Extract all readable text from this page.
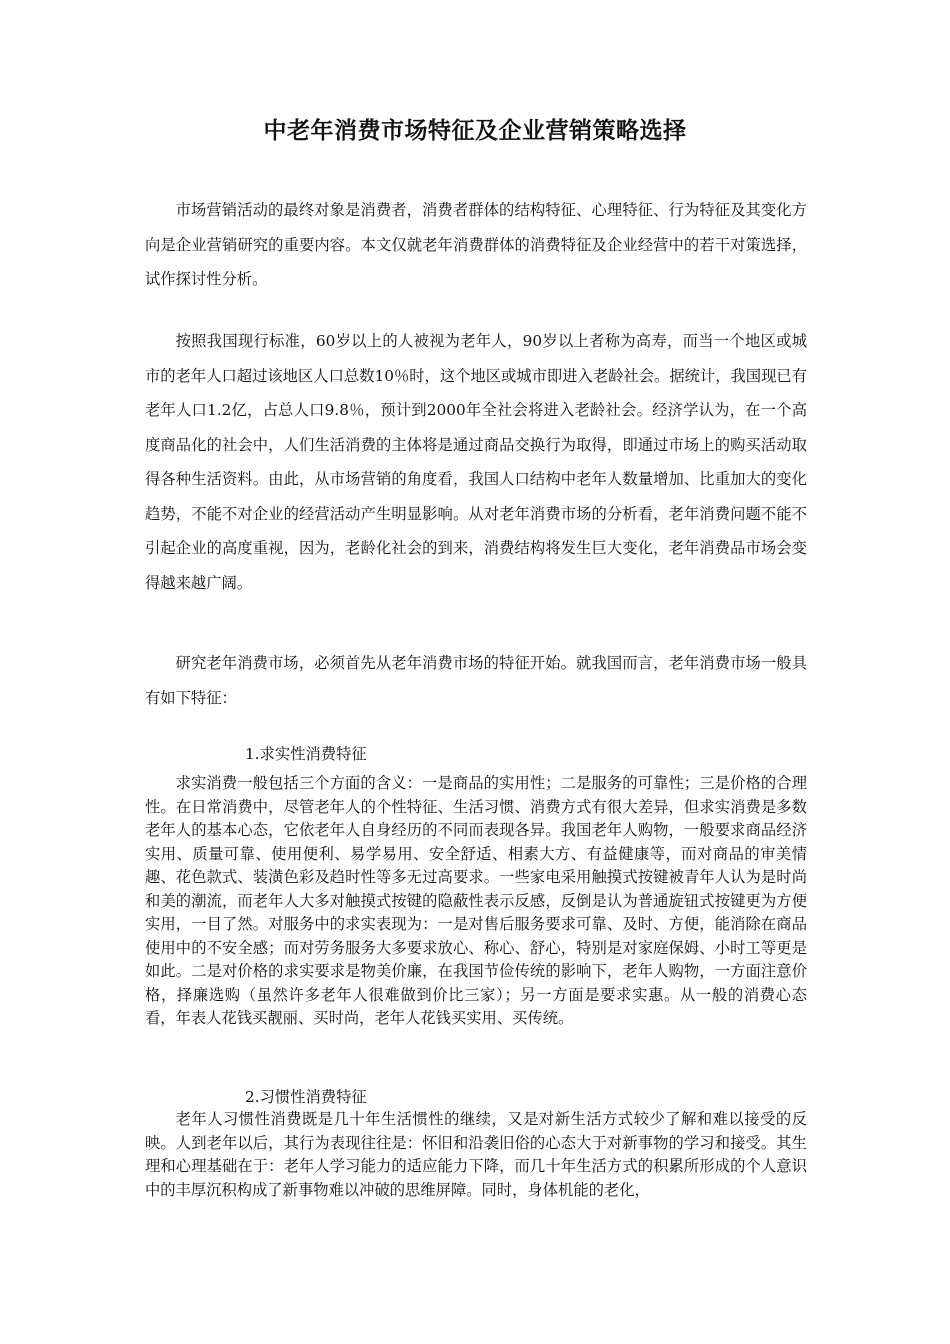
中老年消费市场特征及企业营销策略选择

市场营销活动的最终对象是消费者，消费者群体的结构特征、心理特征、行为特征及其变化方向是企业营销研究的重要内容。本文仅就老年消费群体的消费特征及企业经营中的若干对策选择，试作探讨性分析。

按照我国现行标准，60岁以上的人被视为老年人，90岁以上者称为高寿，而当一个地区或城市的老年人口超过该地区人口总数10％时，这个地区或城市即进入老龄社会。据统计，我国现已有老年人口1.2亿，占总人口9.8％，预计到2000年全社会将进入老龄社会。经济学认为，在一个高度商品化的社会中，人们生活消费的主体将是通过商品交换行为取得，即通过市场上的购买活动取得各种生活资料。由此，从市场营销的角度看，我国人口结构中老年人数量增加、比重加大的变化趋势，不能不对企业的经营活动产生明显影响。从对老年消费市场的分析看，老年消费问题不能不引起企业的高度重视，因为，老龄化社会的到来，消费结构将发生巨大变化，老年消费品市场会变得越来越广阔。

研究老年消费市场，必须首先从老年消费市场的特征开始。就我国而言，老年消费市场一般具有如下特征：

1.求实性消费特征

求实消费一般包括三个方面的含义：一是商品的实用性；二是服务的可靠性；三是价格的合理性。在日常消费中，尽管老年人的个性特征、生活习惯、消费方式有很大差异，但求实消费是多数老年人的基本心态，它依老年人自身经历的不同而表现各异。我国老年人购物，一般要求商品经济实用、质量可靠、使用便利、易学易用、安全舒适、相素大方、有益健康等，而对商品的审美情趣、花色款式、装潢色彩及趋时性等多无过高要求。一些家电采用触摸式按键被青年人认为是时尚和美的潮流，而老年人大多对触摸式按键的隐蔽性表示反感，反倒是认为普通旋钮式按键更为方便实用，一目了然。对服务中的求实表现为：一是对售后服务要求可靠、及时、方便，能消除在商品使用中的不安全感；而对劳务服务大多要求放心、称心、舒心，特别是对家庭保姆、小时工等更是如此。二是对价格的求实要求是物美价廉，在我国节俭传统的影响下，老年人购物，一方面注意价格，择廉选购（虽然许多老年人很难做到价比三家）；另一方面是要求实惠。从一般的消费心态看，年表人花钱买靓丽、买时尚，老年人花钱买实用、买传统。

2.习惯性消费特征

老年人习惯性消费既是几十年生活惯性的继续，又是对新生活方式较少了解和难以接受的反映。人到老年以后，其行为表现往往是：怀旧和沿袭旧俗的心态大于对新事物的学习和接受。其生理和心理基础在于：老年人学习能力的适应能力下降，而几十年生活方式的积累所形成的个人意识中的丰厚沉积构成了新事物难以冲破的思维屏障。同时，身体机能的老化，
